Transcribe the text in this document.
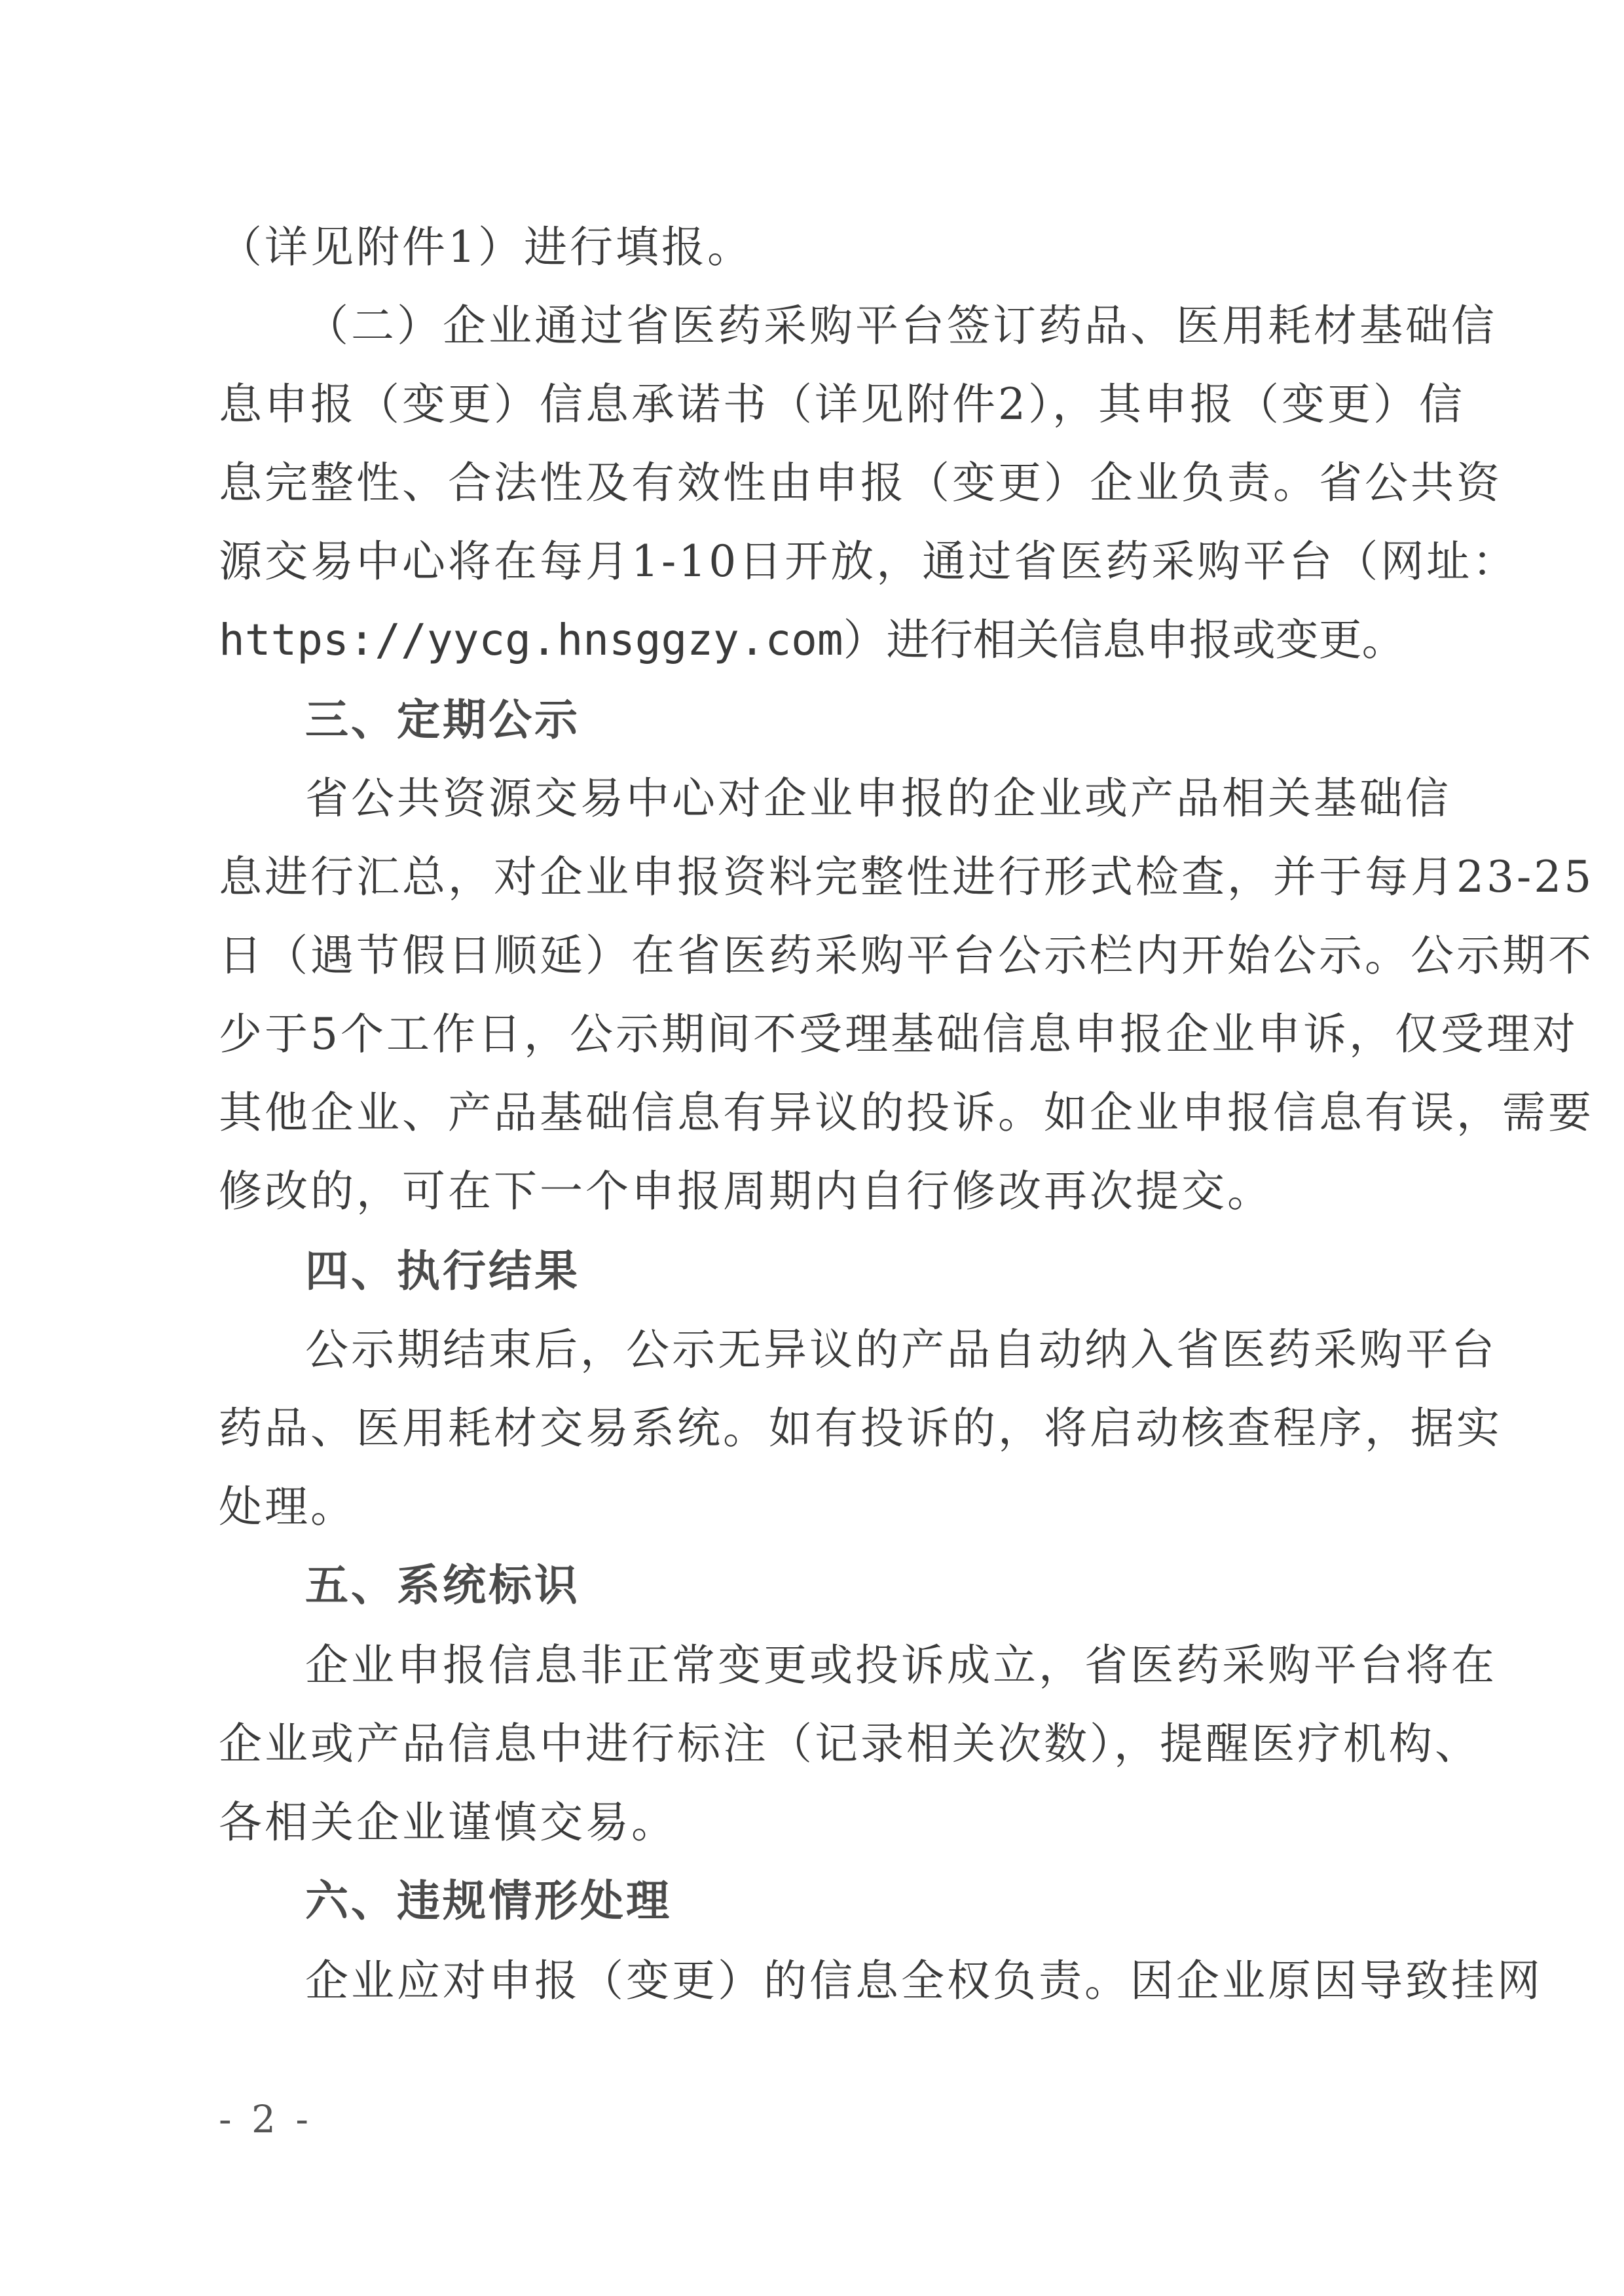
（详见附件1）进行填报。
（二）企业通过省医药采购平台签订药品、医用耗材基础信
息申报（变更）信息承诺书（详见附件2），其申报（变更）信
息完整性、合法性及有效性由申报（变更）企业负责。省公共资
源交易中心将在每月1-10日开放，通过省医药采购平台（网址：
https://yycg.hnsggzy.com）进行相关信息申报或变更。
三、定期公示
省公共资源交易中心对企业申报的企业或产品相关基础信
息进行汇总，对企业申报资料完整性进行形式检查，并于每月23-25
日（遇节假日顺延）在省医药采购平台公示栏内开始公示。公示期不
少于5个工作日，公示期间不受理基础信息申报企业申诉，仅受理对
其他企业、产品基础信息有异议的投诉。如企业申报信息有误，需要
修改的，可在下一个申报周期内自行修改再次提交。
四、执行结果
公示期结束后，公示无异议的产品自动纳入省医药采购平台
药品、医用耗材交易系统。如有投诉的，将启动核查程序，据实
处理。
五、系统标识
企业申报信息非正常变更或投诉成立，省医药采购平台将在
企业或产品信息中进行标注（记录相关次数），提醒医疗机构、
各相关企业谨慎交易。
六、违规情形处理
企业应对申报（变更）的信息全权负责。因企业原因导致挂网
- 2 -
